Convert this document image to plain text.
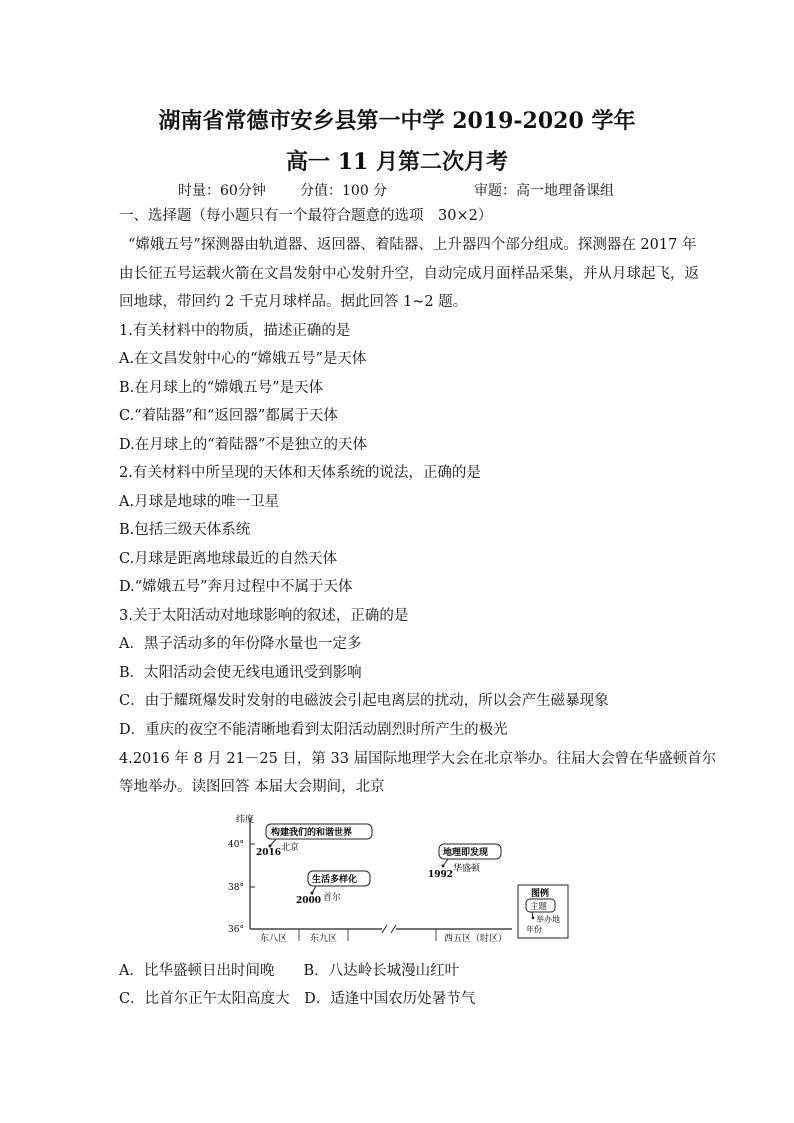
湖南省常德市安乡县第一中学 2019-2020 学年
高一 11 月第二次月考
时量：60分钟 分值：100 分	审题：高一地理备课组
一、选择题（每小题只有一个最符合题意的选项　30×2）
“嫦娥五号”探测器由轨道器、返回器、着陆器、上升器四个部分组成。探测器在 2017 年
由长征五号运载火箭在文昌发射中心发射升空，自动完成月面样品采集，并从月球起飞，返
回地球，带回约 2 千克月球样品。据此回答 1~2 题。
1.有关材料中的物质，描述正确的是
A.在文昌发射中心的“嫦娥五号”是天体
B.在月球上的“嫦娥五号”是天体
C.“着陆器”和“返回器”都属于天体
D.在月球上的“着陆器”不是独立的天体
2.有关材料中所呈现的天体和天体系统的说法，正确的是
A.月球是地球的唯一卫星
B.包括三级天体系统
C.月球是距离地球最近的自然天体
D.“嫦娥五号”奔月过程中不属于天体
3.关于太阳活动对地球影响的叙述，正确的是
A．黑子活动多的年份降水量也一定多
B．太阳活动会使无线电通讯受到影响
C．由于耀斑爆发时发射的电磁波会引起电离层的扰动，所以会产生磁暴现象
D．重庆的夜空不能清晰地看到太阳活动剧烈时所产生的极光
4.2016 年 8 月 21－25 日，第 33 届国际地理学大会在北京举办。往届大会曾在华盛顿首尔
等地举办。读图回答 本届大会期间，北京
纬度
40°
38°
36°
东八区	东九区	西五区（时区）
构建我们的和谐世界
2016 北京
生活多样化
2000 首尔
地理即发现
1992
华盛顿
图例
主题
举办地
年份
A．比华盛顿日出时间晚　　B．八达岭长城漫山红叶
C．比首尔正午太阳高度大　D．适逢中国农历处暑节气
